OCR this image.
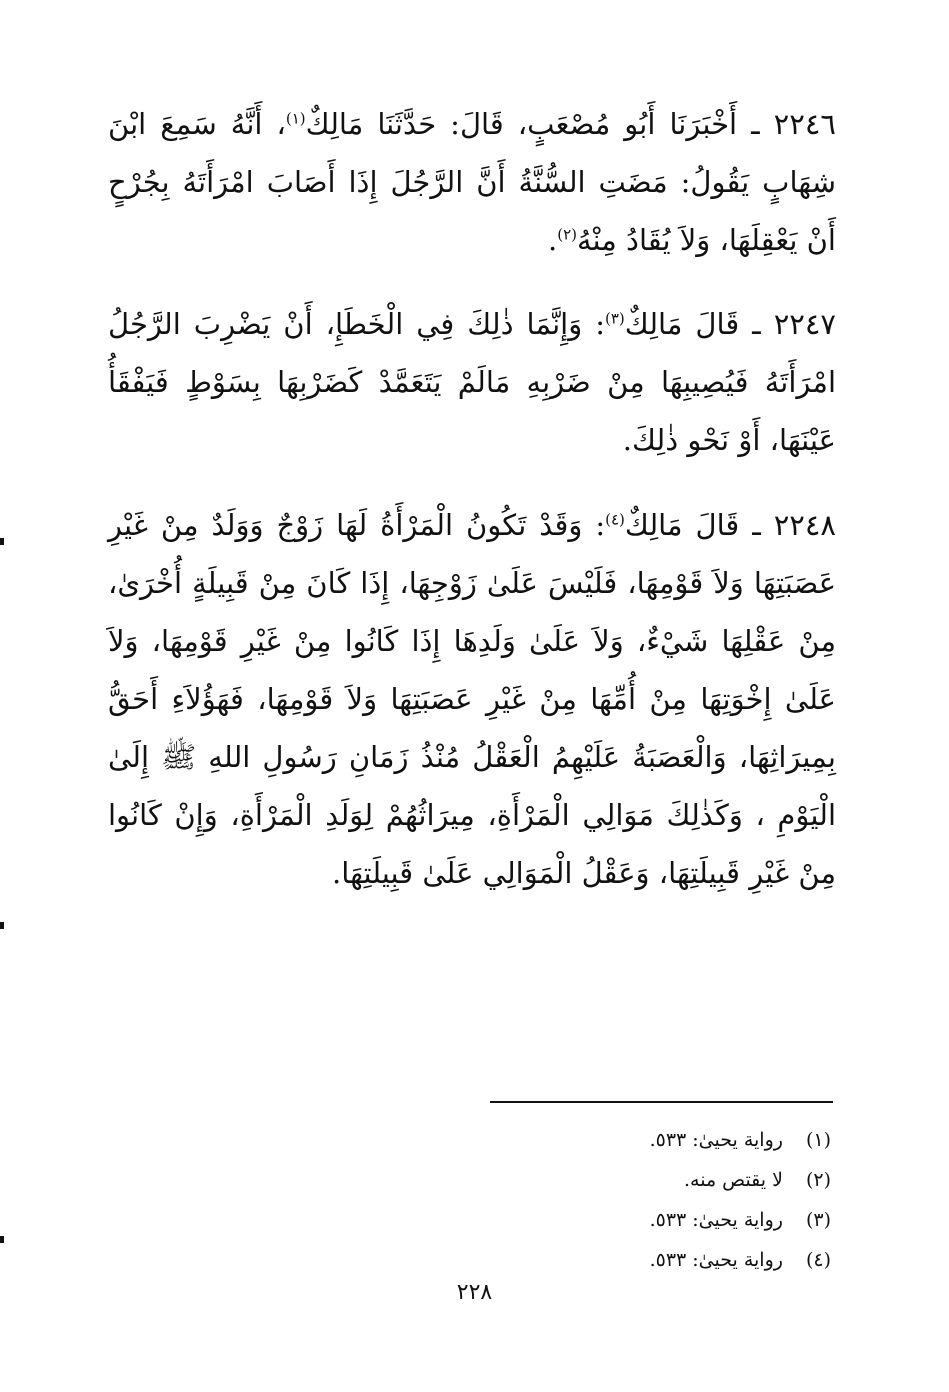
٢٢٤٦ ـ أَخْبَرَنَا أَبُو مُصْعَبٍ، قَالَ: حَدَّثَنَا مَالِكٌ$^{(١)}$، أَنَّهُ سَمِعَ ابْنَ شِهَابٍ يَقُولُ: مَضَتِ السُّنَّةُ أَنَّ الرَّجُلَ إِذَا أَصَابَ امْرَأَتَهُ بِجُرْحٍ أَنْ يَعْقِلَهَا، وَلاَ يُقَادُ مِنْهُ$^{(٢)}$.

٢٢٤٧ ـ قَالَ مَالِكٌ$^{(٣)}$: وَإِنَّمَا ذٰلِكَ فِي الْخَطَإِ، أَنْ يَضْرِبَ الرَّجُلُ امْرَأَتَهُ فَيُصِيبِهَا مِنْ ضَرْبِهِ مَالَمْ يَتَعَمَّدْ كَضَرْبِهَا بِسَوْطٍ فَيَفْقَأُ عَيْنَهَا، أَوْ نَحْو ذٰلِكَ.

٢٢٤٨ ـ قَالَ مَالِكٌ$^{(٤)}$: وَقَدْ تَكُونُ الْمَرْأَةُ لَهَا زَوْجٌ وَوَلَدٌ مِنْ غَيْرِ عَصَبَتِهَا وَلاَ قَوْمِهَا، فَلَيْسَ عَلَىٰ زَوْجِهَا، إِذَا كَانَ مِنْ قَبِيلَةٍ أُخْرَىٰ، مِنْ عَقْلِهَا شَيْءٌ، وَلاَ عَلَىٰ وَلَدِهَا إِذَا كَانُوا مِنْ غَيْرِ قَوْمِهَا، وَلاَ عَلَىٰ إِخْوَتِهَا مِنْ أُمِّهَا مِنْ غَيْرِ عَصَبَتِهَا وَلاَ قَوْمِهَا، فَهَؤُلاَءِ أَحَقُّ بِمِيرَاثِهَا، وَالْعَصَبَةُ عَلَيْهِمُ الْعَقْلُ مُنْذُ زَمَانِ رَسُولِ اللهِ ﷺ إِلَىٰ الْيَوْمِ ، وَكَذٰلِكَ مَوَالِي الْمَرْأَةِ، مِيرَاثُهُمْ لِوَلَدِ الْمَرْأَةِ، وَإِنْ كَانُوا مِنْ غَيْرِ قَبِيلَتِهَا، وَعَقْلُ الْمَوَالِي عَلَىٰ قَبِيلَتِهَا.

(١) رواية يحيىٰ: ٥٣٣.
(٢) لا يقتص منه.
(٣) رواية يحيىٰ: ٥٣٣.
(٤) رواية يحيىٰ: ٥٣٣.
٢٢٨
